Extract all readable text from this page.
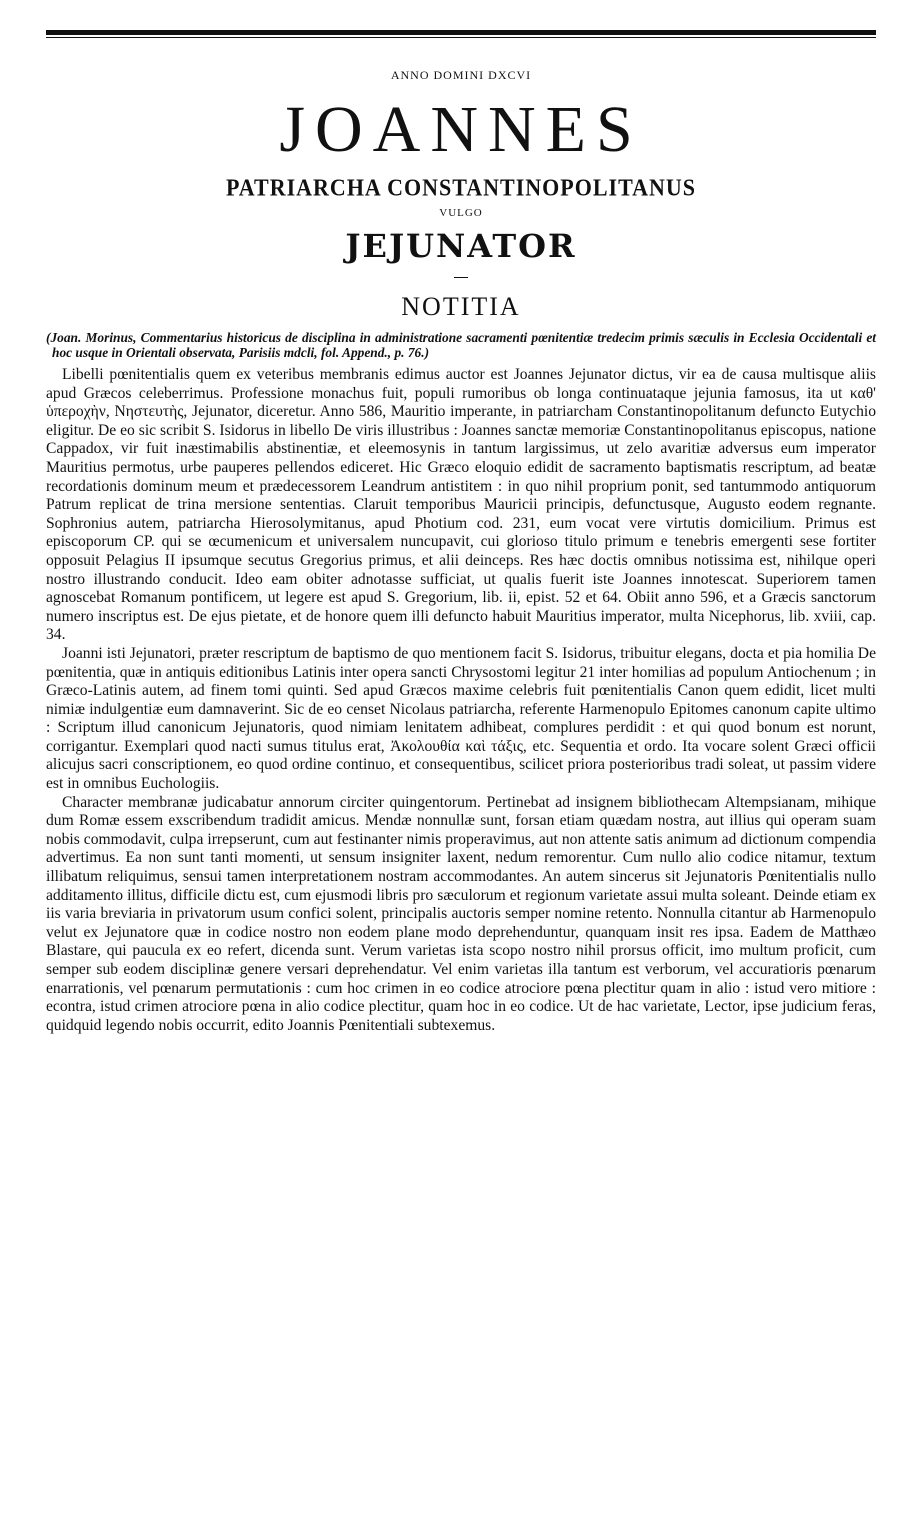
ANNO DOMINI DXCVI
JOANNES
PATRIARCHA CONSTANTINOPOLITANUS
VULGO
JEJUNATOR
NOTITIA

(Joan. Morinus, Commentarius historicus de disciplina in administratione sacramenti pœnitentiæ tredecim primis sæculis in Ecclesia Occidentali et hoc usque in Orientali observata, Parisiis mdcli, fol. Append., p. 76.)

Libelli pœnitentialis quem ex veteribus membranis edimus auctor est Joannes Jejunator dictus, vir ea de causa multisque aliis apud Græcos celeberrimus. Professione monachus fuit, populi rumoribus ob longa continuataque jejunia famosus, ita ut καθ' ὑπεροχὴν, Νηστευτὴς, Jejunator, diceretur. Anno 586, Mauritio imperante, in patriarcham Constantinopolitanum defuncto Eutychio eligitur. De eo sic scribit S. Isidorus in libello De viris illustribus : Joannes sanctæ memoriæ Constantinopolitanus episcopus, natione Cappadox, vir fuit inæstimabilis abstinentiæ, et eleemosynis in tantum largissimus, ut zelo avaritiæ adversus eum imperator Mauritius permotus, urbe pauperes pellendos ediceret. Hic Græco eloquio edidit de sacramento baptismatis rescriptum, ad beatæ recordationis dominum meum et prædecessorem Leandrum antistitem : in quo nihil proprium ponit, sed tantummodo antiquorum Patrum replicat de trina mersione sententias. Claruit temporibus Mauricii principis, defunctusque, Augusto eodem regnante. Sophronius autem, patriarcha Hierosolymitanus, apud Photium cod. 231, eum vocat vere virtutis domicilium. Primus est episcoporum CP. qui se œcumenicum et universalem nuncupavit, cui glorioso titulo primum e tenebris emergenti sese fortiter opposuit Pelagius II ipsumque secutus Gregorius primus, et alii deinceps. Res hæc doctis omnibus notissima est, nihilque operi nostro illustrando conducit. Ideo eam obiter adnotasse sufficiat, ut qualis fuerit iste Joannes innotescat. Superiorem tamen agnoscebat Romanum pontificem, ut legere est apud S. Gregorium, lib. ii, epist. 52 et 64. Obiit anno 596, et a Græcis sanctorum numero inscriptus est. De ejus pietate, et de honore quem illi defuncto habuit Mauritius imperator, multa Nicephorus, lib. xviii, cap. 34.

Joanni isti Jejunatori, præter rescriptum de baptismo de quo mentionem facit S. Isidorus, tribuitur elegans, docta et pia homilia De pœnitentia, quæ in antiquis editionibus Latinis inter opera sancti Chrysostomi legitur 21 inter homilias ad populum Antiochenum ; in Græco-Latinis autem, ad finem tomi quinti. Sed apud Græcos maxime celebris fuit pœnitentialis Canon quem edidit, licet multi nimiæ indulgentiæ eum damnaverint. Sic de eo censet Nicolaus patriarcha, referente Harmenopulo Epitomes canonum capite ultimo : Scriptum illud canonicum Jejunatoris, quod nimiam lenitatem adhibeat, complures perdidit : et qui quod bonum est norunt, corrigantur. Exemplari quod nacti sumus titulus erat, Ἀκολουθία καὶ τάξις, etc. Sequentia et ordo. Ita vocare solent Græci officii alicujus sacri conscriptionem, eo quod ordine continuo, et consequentibus, scilicet priora posterioribus tradi soleat, ut passim videre est in omnibus Euchologiis.

Character membranæ judicabatur annorum circiter quingentorum. Pertinebat ad insignem bibliothecam Altempsianam, mihique dum Romæ essem exscribendum tradidit amicus. Mendæ nonnullæ sunt, forsan etiam quædam nostra, aut illius qui operam suam nobis commodavit, culpa irrepserunt, cum aut festinanter nimis properavimus, aut non attente satis animum ad dictionum compendia advertimus. Ea non sunt tanti momenti, ut sensum insigniter laxent, nedum remorentur. Cum nullo alio codice nitamur, textum illibatum reliquimus, sensui tamen interpretationem nostram accommodantes. An autem sincerus sit Jejunatoris Pœnitentialis nullo additamento illitus, difficile dictu est, cum ejusmodi libris pro sæculorum et regionum varietate assui multa soleant. Deinde etiam ex iis varia breviaria in privatorum usum confici solent, principalis auctoris semper nomine retento. Nonnulla citantur ab Harmenopulo velut ex Jejunatore quæ in codice nostro non eodem plane modo deprehenduntur, quanquam insit res ipsa. Eadem de Matthæo Blastare, qui paucula ex eo refert, dicenda sunt. Verum varietas ista scopo nostro nihil prorsus officit, imo multum proficit, cum semper sub eodem disciplinæ genere versari deprehendatur. Vel enim varietas illa tantum est verborum, vel accuratioris pœnarum enarrationis, vel pœnarum permutationis : cum hoc crimen in eo codice atrociore pœna plectitur quam in alio : istud vero mitiore : econtra, istud crimen atrociore pœna in alio codice plectitur, quam hoc in eo codice. Ut de hac varietate, Lector, ipse judicium feras, quidquid legendo nobis occurrit, edito Joannis Pœnitentiali subtexemus.
